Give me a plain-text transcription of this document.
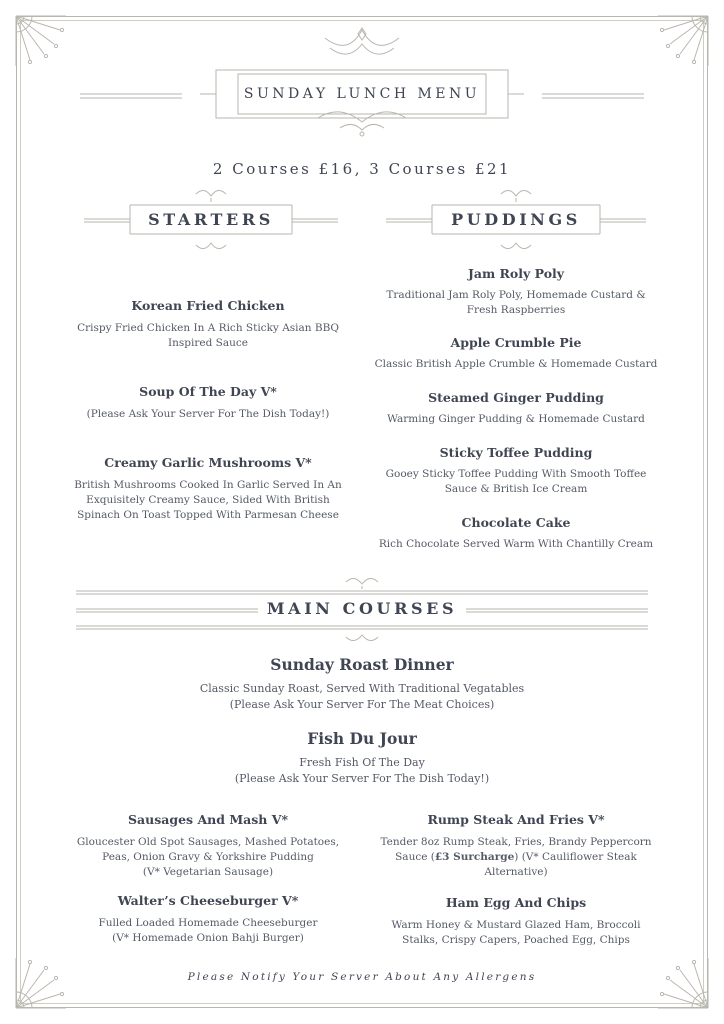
SUNDAY LUNCH MENU
2 Courses £16, 3 Courses £21
STARTERS
Korean Fried Chicken
Crispy Fried Chicken In A Rich Sticky Asian BBQ
Inspired Sauce
Soup Of The Day V*
(Please Ask Your Server For The Dish Today!)
Creamy Garlic Mushrooms V*
British Mushrooms Cooked In Garlic Served In An
Exquisitely Creamy Sauce, Sided With British
Spinach On Toast Topped With Parmesan Cheese
PUDDINGS
Jam Roly Poly
Traditional Jam Roly Poly, Homemade Custard &
Fresh Raspberries
Apple Crumble Pie
Classic British Apple Crumble & Homemade Custard
Steamed Ginger Pudding
Warming Ginger Pudding & Homemade Custard
Sticky Toffee Pudding
Gooey Sticky Toffee Pudding With Smooth Toffee
Sauce & British Ice Cream
Chocolate Cake
Rich Chocolate Served Warm With Chantilly Cream
MAIN COURSES
Sunday Roast Dinner
Classic Sunday Roast, Served With Traditional Vegatables
(Please Ask Your Server For The Meat Choices)
Fish Du Jour
Fresh Fish Of The Day
(Please Ask Your Server For The Dish Today!)
Sausages And Mash V*
Gloucester Old Spot Sausages, Mashed Potatoes,
Peas, Onion Gravy & Yorkshire Pudding
(V* Vegetarian Sausage)
Walter’s Cheeseburger V*
Fulled Loaded Homemade Cheeseburger
(V* Homemade Onion Bahji Burger)
Rump Steak And Fries V*
Tender 8oz Rump Steak, Fries, Brandy Peppercorn
Sauce (£3 Surcharge) (V* Cauliflower Steak
Alternative)
Ham Egg And Chips
Warm Honey & Mustard Glazed Ham, Broccoli
Stalks, Crispy Capers, Poached Egg, Chips
Please Notify Your Server About Any Allergens
